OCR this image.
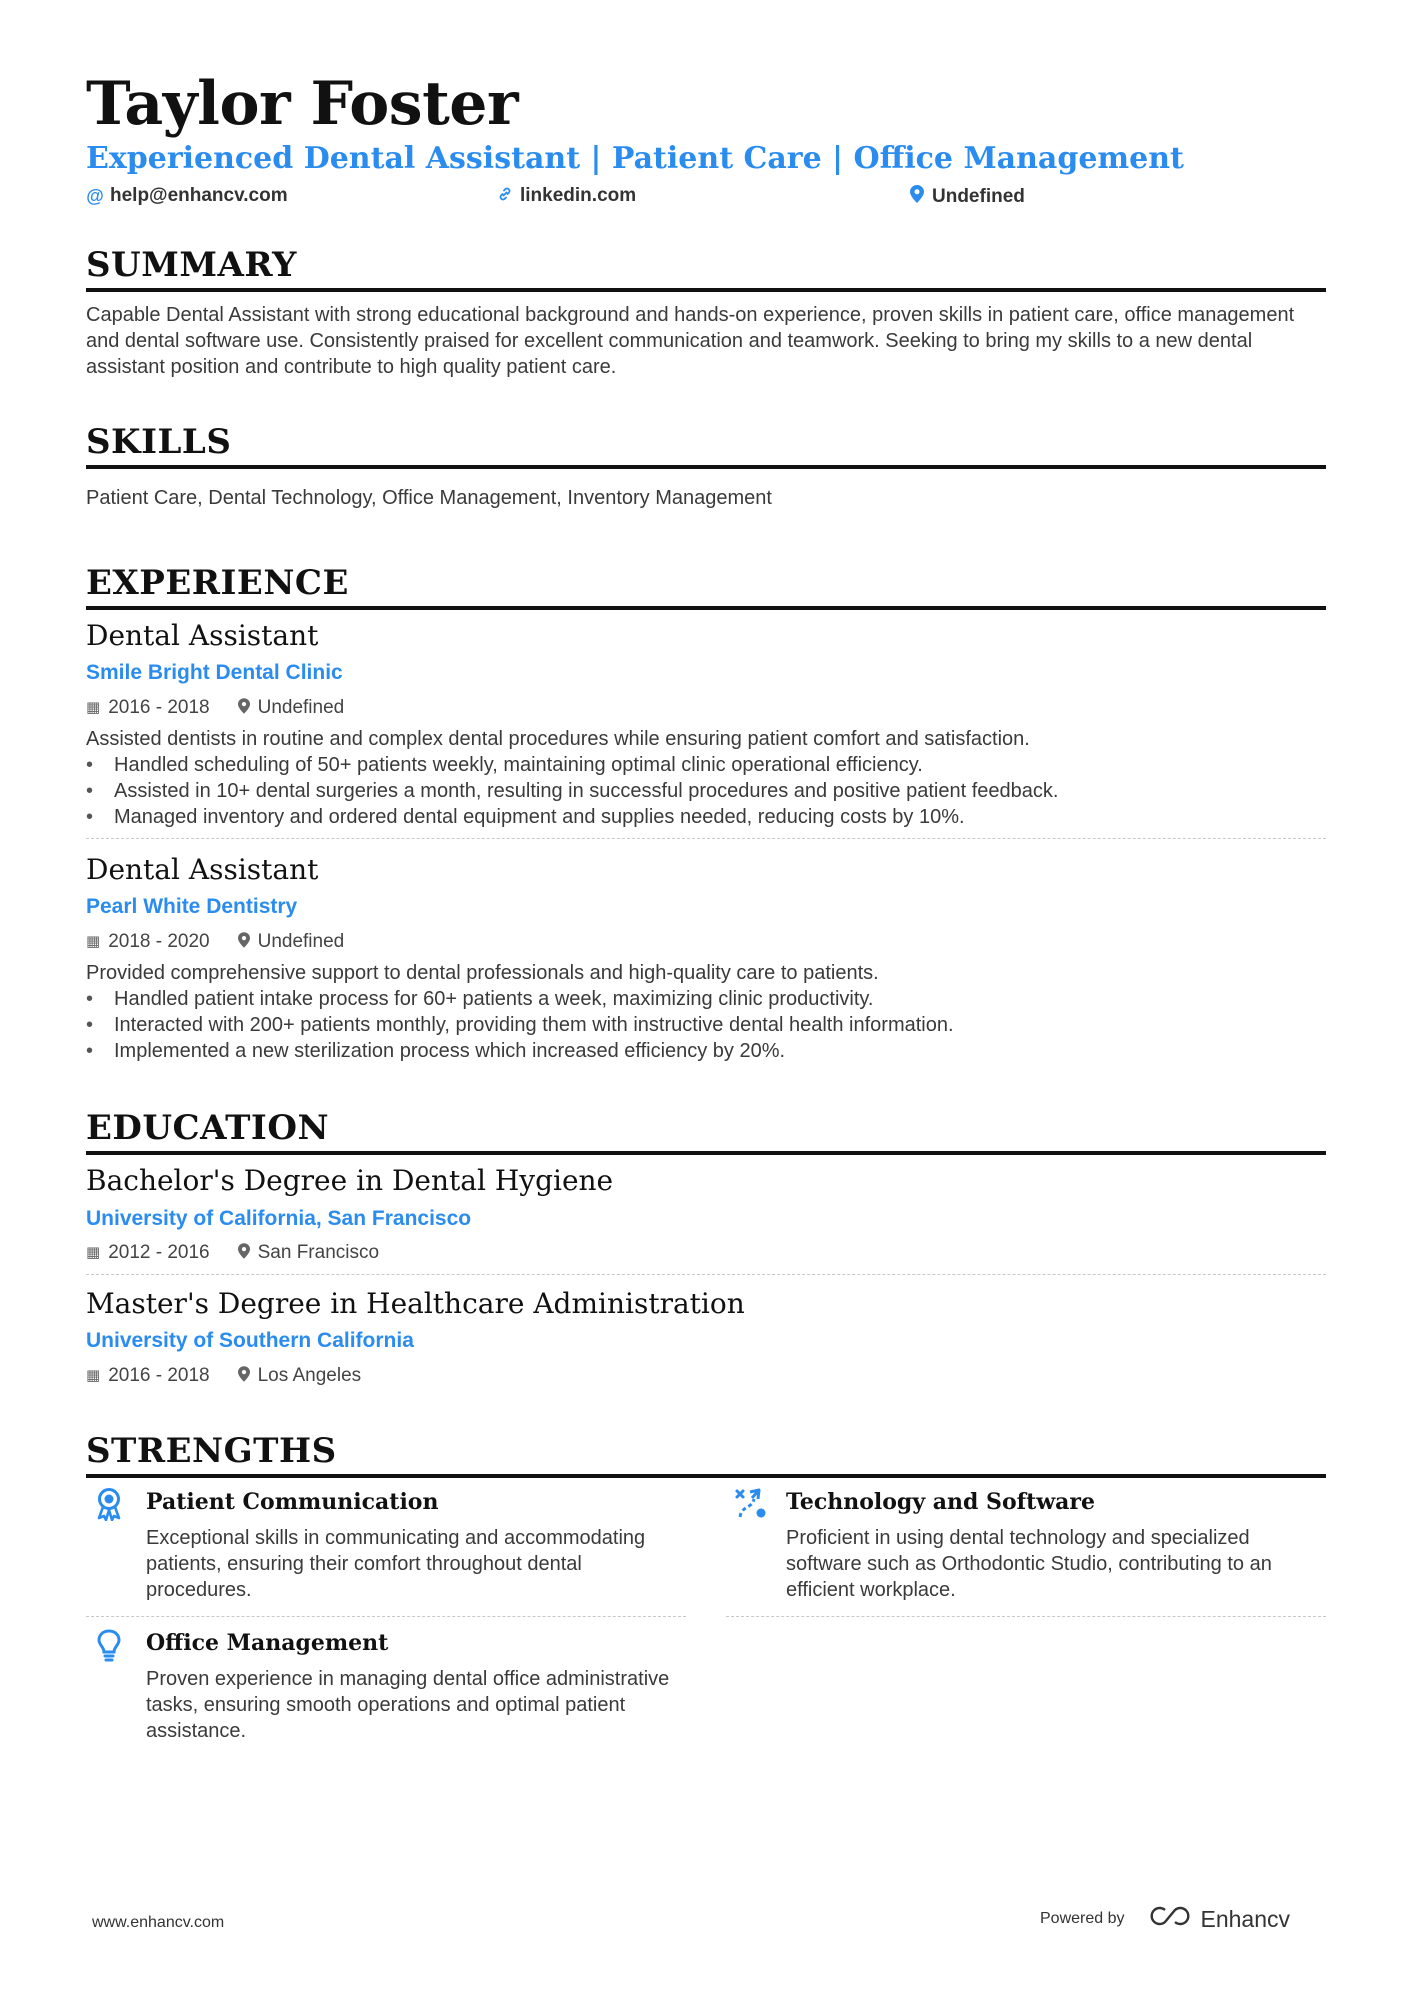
Taylor Foster
Experienced Dental Assistant | Patient Care | Office Management
@ help@enhancv.com	linkedin.com	Undefined
SUMMARY
Capable Dental Assistant with strong educational background and hands-on experience, proven skills in patient care, office management and dental software use. Consistently praised for excellent communication and teamwork. Seeking to bring my skills to a new dental assistant position and contribute to high quality patient care.
SKILLS
Patient Care, Dental Technology, Office Management, Inventory Management
EXPERIENCE
Dental Assistant
Smile Bright Dental Clinic
▦ 2016 - 2018	Undefined
Assisted dentists in routine and complex dental procedures while ensuring patient comfort and satisfaction.
• Handled scheduling of 50+ patients weekly, maintaining optimal clinic operational efficiency.
• Assisted in 10+ dental surgeries a month, resulting in successful procedures and positive patient feedback.
• Managed inventory and ordered dental equipment and supplies needed, reducing costs by 10%.
Dental Assistant
Pearl White Dentistry
▦ 2018 - 2020	Undefined
Provided comprehensive support to dental professionals and high-quality care to patients.
• Handled patient intake process for 60+ patients a week, maximizing clinic productivity.
• Interacted with 200+ patients monthly, providing them with instructive dental health information.
• Implemented a new sterilization process which increased efficiency by 20%.
EDUCATION
Bachelor's Degree in Dental Hygiene
University of California, San Francisco
▦ 2012 - 2016	San Francisco
Master's Degree in Healthcare Administration
University of Southern California
▦ 2016 - 2018	Los Angeles
STRENGTHS
Patient Communication
Exceptional skills in communicating and accommodating patients, ensuring their comfort throughout dental procedures.
Technology and Software
Proficient in using dental technology and specialized software such as Orthodontic Studio, contributing to an efficient workplace.
Office Management
Proven experience in managing dental office administrative tasks, ensuring smooth operations and optimal patient assistance.
www.enhancv.com	Powered by	Enhancv
